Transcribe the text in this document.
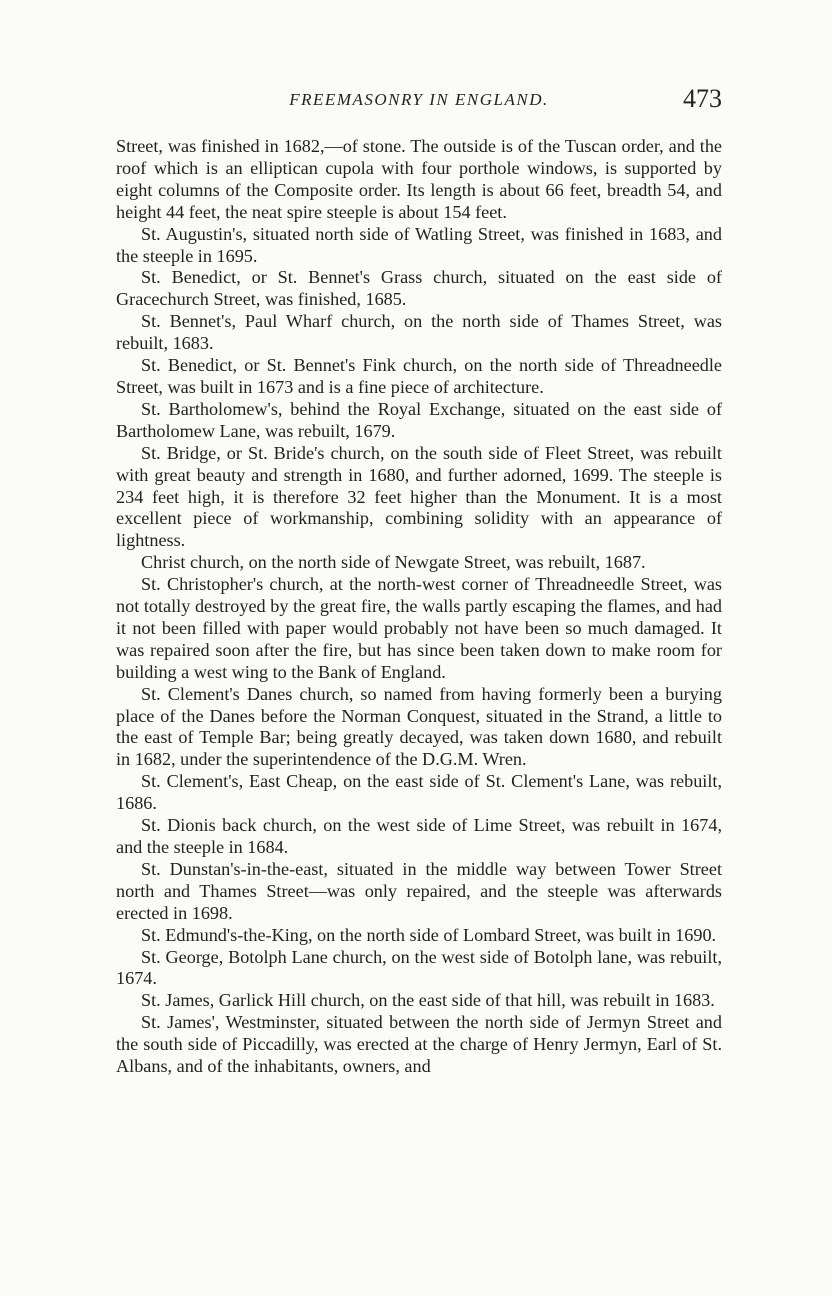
FREEMASONRY IN ENGLAND.	473

Street, was finished in 1682,—of stone. The outside is of the Tuscan order, and the roof which is an elliptican cupola with four porthole windows, is supported by eight columns of the Composite order. Its length is about 66 feet, breadth 54, and height 44 feet, the neat spire steeple is about 154 feet.

St. Augustin's, situated north side of Watling Street, was finished in 1683, and the steeple in 1695.

St. Benedict, or St. Bennet's Grass church, situated on the east side of Gracechurch Street, was finished, 1685.

St. Bennet's, Paul Wharf church, on the north side of Thames Street, was rebuilt, 1683.

St. Benedict, or St. Bennet's Fink church, on the north side of Threadneedle Street, was built in 1673 and is a fine piece of architecture.

St. Bartholomew's, behind the Royal Exchange, situated on the east side of Bartholomew Lane, was rebuilt, 1679.

St. Bridge, or St. Bride's church, on the south side of Fleet Street, was rebuilt with great beauty and strength in 1680, and further adorned, 1699. The steeple is 234 feet high, it is therefore 32 feet higher than the Monument. It is a most excellent piece of workmanship, combining solidity with an appearance of lightness.

Christ church, on the north side of Newgate Street, was rebuilt, 1687.

St. Christopher's church, at the north-west corner of Threadneedle Street, was not totally destroyed by the great fire, the walls partly escaping the flames, and had it not been filled with paper would probably not have been so much damaged. It was repaired soon after the fire, but has since been taken down to make room for building a west wing to the Bank of England.

St. Clement's Danes church, so named from having formerly been a burying place of the Danes before the Norman Conquest, situated in the Strand, a little to the east of Temple Bar; being greatly decayed, was taken down 1680, and rebuilt in 1682, under the superintendence of the D.G.M. Wren.

St. Clement's, East Cheap, on the east side of St. Clement's Lane, was rebuilt, 1686.

St. Dionis back church, on the west side of Lime Street, was rebuilt in 1674, and the steeple in 1684.

St. Dunstan's-in-the-east, situated in the middle way between Tower Street north and Thames Street—was only repaired, and the steeple was afterwards erected in 1698.

St. Edmund's-the-King, on the north side of Lombard Street, was built in 1690.

St. George, Botolph Lane church, on the west side of Botolph lane, was rebuilt, 1674.

St. James, Garlick Hill church, on the east side of that hill, was rebuilt in 1683.

St. James', Westminster, situated between the north side of Jermyn Street and the south side of Piccadilly, was erected at the charge of Henry Jermyn, Earl of St. Albans, and of the inhabitants, owners, and
